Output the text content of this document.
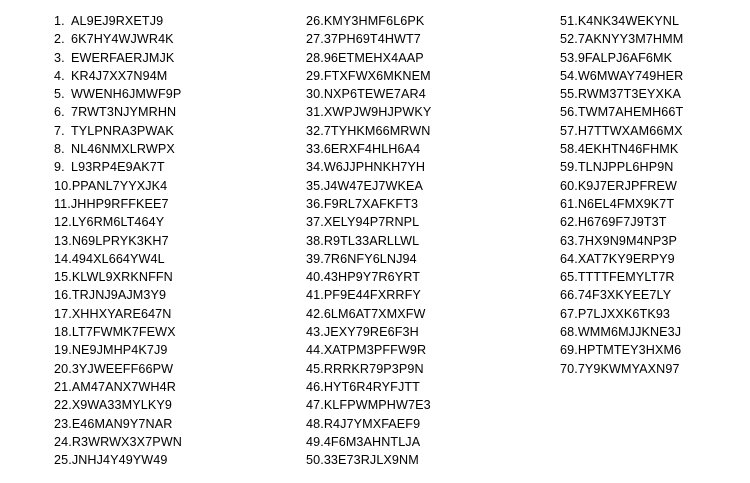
1. AL9EJ9RXETJ9
2. 6K7HY4WJWR4K
3. EWERFAERJMJK
4. KR4J7XX7N94M
5. WWENH6JMWF9P
6. 7RWT3NJYMRHN
7. TYLPNRA3PWAK
8. NL46NMXLRWPX
9. L93RP4E9AK7T
10.PPANL7YYXJK4
11.JHHP9RFFKEE7
12.LY6RM6LT464Y
13.N69LPRYK3KH7
14.494XL664YW4L
15.KLWL9XRKNFFN
16.TRJNJ9AJM3Y9
17.XHHXYARE647N
18.LT7FWMK7FEWX
19.NE9JMHP4K7J9
20.3YJWEEFF66PW
21.AM47ANX7WH4R
22.X9WA33MYLKY9
23.E46MAN9Y7NAR
24.R3WRWX3X7PWN
25.JNHJ4Y49YW49
26.KMY3HMF6L6PK
27.37PH69T4HWT7
28.96ETMEHX4AAP
29.FTXFWX6MKNEM
30.NXP6TEWE7AR4
31.XWPJW9HJPWKY
32.7TYHKM66MRWN
33.6ERXF4HLH6A4
34.W6JJPHNKH7YH
35.J4W47EJ7WKEA
36.F9RL7XAFKFT3
37.XELY94P7RNPL
38.R9TL33ARLLWL
39.7R6NFY6LNJ94
40.43HP9Y7R6YRT
41.PF9E44FXRRFY
42.6LM6AT7XMXFW
43.JEXY79RE6F3H
44.XATPM3PFFW9R
45.RRRKR79P3P9N
46.HYT6R4RYFJTT
47.KLFPWMPHW7E3
48.R4J7YMXFAEF9
49.4F6M3AHNTLJA
50.33E73RJLX9NM
51.K4NK34WEKYNL
52.7AKNYY3M7HMM
53.9FALPJ6AF6MK
54.W6MWAY749HER
55.RWM37T3EYXKA
56.TWM7AHEMH66T
57.H7TTWXAM66MX
58.4EKHTN46FHMK
59.TLNJPPL6HP9N
60.K9J7ERJPFREW
61.N6EL4FMX9K7T
62.H6769F7J9T3T
63.7HX9N9M4NP3P
64.XAT7KY9ERPY9
65.TTTTFEMYLT7R
66.74F3XKYEE7LY
67.P7LJXXK6TK93
68.WMM6MJJKNE3J
69.HPTMTEY3HXM6
70.7Y9KWMYAXN97
